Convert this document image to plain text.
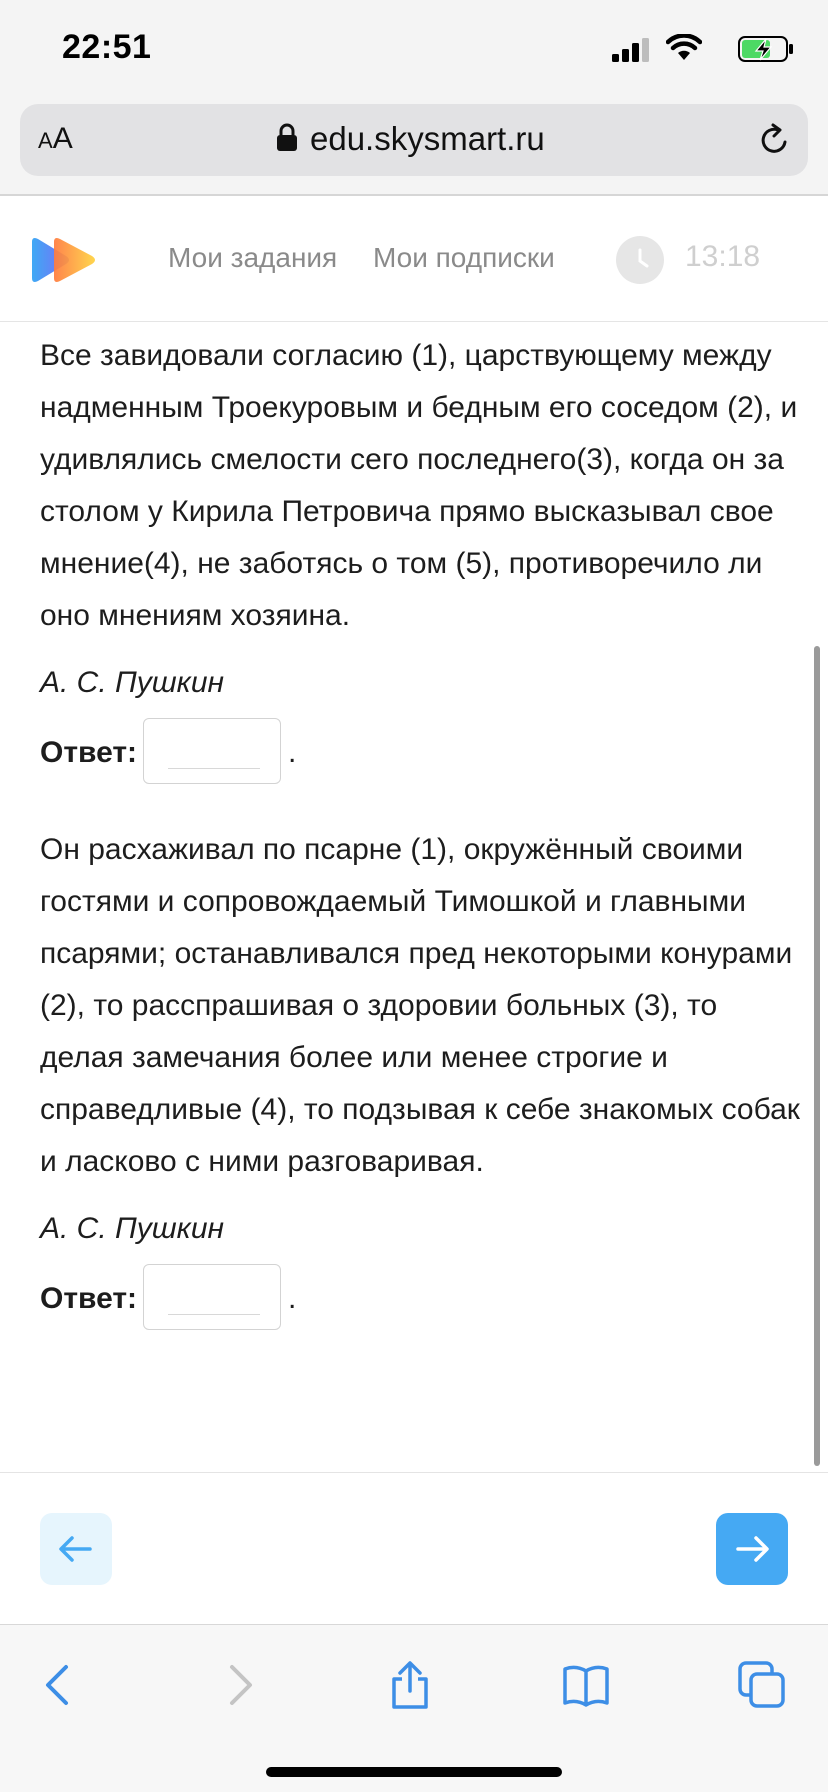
22:51
AA	edu.skysmart.ru
Мои задания Мои подписки	13:18

Все завидовали согласию (1), царствующему между надменным Троекуровым и бедным его соседом (2), и удивлялись смелости сего последнего(3), когда он за столом у Кирила Петровича прямо высказывал свое мнение(4), не заботясь о том (5), противоречило ли оно мнениям хозяина.

А. С. Пушкин
Ответ:	.

Он расхаживал по псарне (1), окружённый своими гостями и сопровождаемый Тимошкой и главными псарями; останавливался пред некоторыми конурами (2), то расспрашивая о здоровии больных (3), то делая замечания более или менее строгие и справедливые (4), то подзывая к себе знакомых собак и ласково с ними разговаривая.

А. С. Пушкин
Ответ:	.
